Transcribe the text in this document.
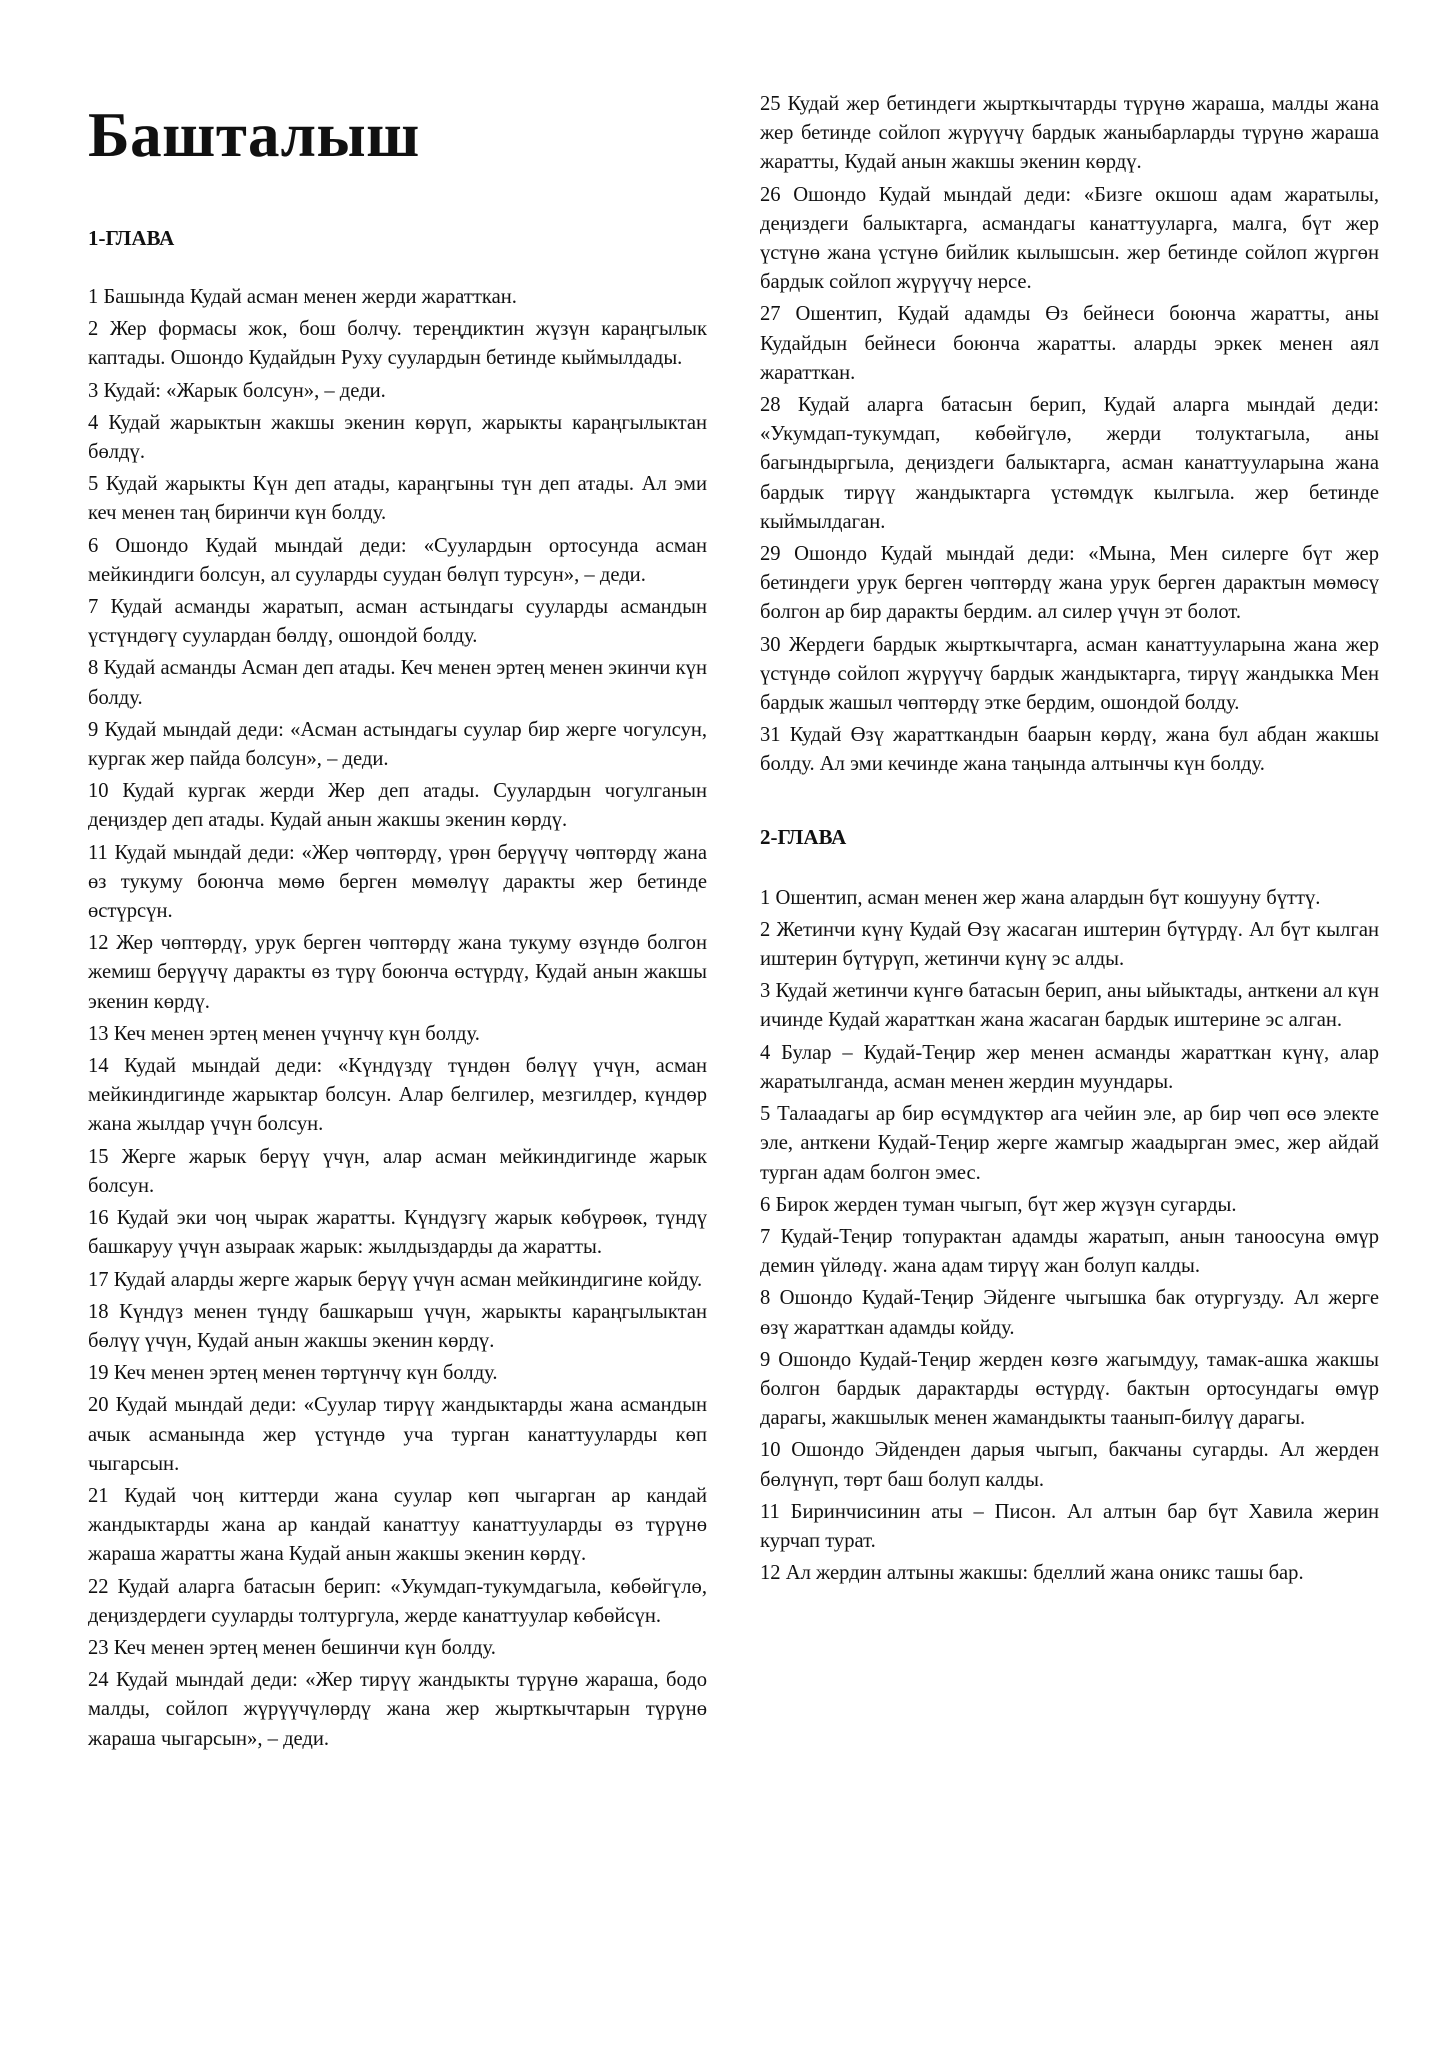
Башталыш
1-ГЛАВА

1 Башында Кудай асман менен жерди жаратткан.

2 Жер формасы жок, бош болчу. тереңдиктин жүзүн караңгылык каптады. Ошондо Кудайдын Руху суулардын бетинде кыймылдады.

3 Кудай: «Жарык болсун», – деди.

4 Кудай жарыктын жакшы экенин көрүп, жарыкты караңгылыктан бөлдү.

5 Кудай жарыкты Күн деп атады, караңгыны түн деп атады. Ал эми кеч менен таң биринчи күн болду.

6 Ошондо Кудай мындай деди: «Суулардын ортосунда асман мейкиндиги болсун, ал сууларды суудан бөлүп турсун», – деди.

7 Кудай асманды жаратып, асман астындагы сууларды асмандын үстүндөгү суулардан бөлдү, ошондой болду.

8 Кудай асманды Асман деп атады. Кеч менен эртең менен экинчи күн болду.

9 Кудай мындай деди: «Асман астындагы суулар бир жерге чогулсун, кургак жер пайда болсун», – деди.

10 Кудай кургак жерди Жер деп атады. Суулардын чогулганын деңиздер деп атады. Кудай анын жакшы экенин көрдү.

11 Кудай мындай деди: «Жер чөптөрдү, үрөн берүүчү чөптөрдү жана өз тукуму боюнча мөмө берген мөмөлүү даракты жер бетинде өстүрсүн.

12 Жер чөптөрдү, урук берген чөптөрдү жана тукуму өзүндө болгон жемиш берүүчү даракты өз түрү боюнча өстүрдү, Кудай анын жакшы экенин көрдү.

13 Кеч менен эртең менен үчүнчү күн болду.

14 Кудай мындай деди: «Күндүздү түндөн бөлүү үчүн, асман мейкиндигинде жарыктар болсун. Алар белгилер, мезгилдер, күндөр жана жылдар үчүн болсун.

15 Жерге жарык берүү үчүн, алар асман мейкиндигинде жарык болсун.

16 Кудай эки чоң чырак жаратты. Күндүзгү жарык көбүрөөк, түндү башкаруу үчүн азыраак жарык: жылдыздарды да жаратты.

17 Кудай аларды жерге жарык берүү үчүн асман мейкиндигине койду.

18 Күндүз менен түндү башкарыш үчүн, жарыкты караңгылыктан бөлүү үчүн, Кудай анын жакшы экенин көрдү.

19 Кеч менен эртең менен төртүнчү күн болду.

20 Кудай мындай деди: «Суулар тирүү жандыктарды жана асмандын ачык асманында жер үстүндө уча турган канаттууларды көп чыгарсын.

21 Кудай чоң киттерди жана суулар көп чыгарган ар кандай жандыктарды жана ар кандай канаттуу канаттууларды өз түрүнө жараша жаратты жана Кудай анын жакшы экенин көрдү.

22 Кудай аларга батасын берип: «Укумдап-тукумдагыла, көбөйгүлө, деңиздердеги сууларды толтургула, жерде канаттуулар көбөйсүн.

23 Кеч менен эртең менен бешинчи күн болду.

24 Кудай мындай деди: «Жер тирүү жандыкты түрүнө жараша, бодо малды, сойлоп жүрүүчүлөрдү жана жер жырткычтарын түрүнө жараша чыгарсын», – деди.

25 Кудай жер бетиндеги жырткычтарды түрүнө жараша, малды жана жер бетинде сойлоп жүрүүчү бардык жаныбарларды түрүнө жараша жаратты, Кудай анын жакшы экенин көрдү.

26 Ошондо Кудай мындай деди: «Бизге окшош адам жаратылы, деңиздеги балыктарга, асмандагы канаттууларга, малга, бүт жер үстүнө жана үстүнө бийлик кылышсын. жер бетинде сойлоп жүргөн бардык сойлоп жүрүүчү нерсе.

27 Ошентип, Кудай адамды Өз бейнеси боюнча жаратты, аны Кудайдын бейнеси боюнча жаратты. аларды эркек менен аял жаратткан.

28 Кудай аларга батасын берип, Кудай аларга мындай деди: «Укумдап-тукумдап, көбөйгүлө, жерди толуктагыла, аны багындыргыла, деңиздеги балыктарга, асман канаттууларына жана бардык тирүү жандыктарга үстөмдүк кылгыла. жер бетинде кыймылдаган.

29 Ошондо Кудай мындай деди: «Мына, Мен силерге бүт жер бетиндеги урук берген чөптөрдү жана урук берген дарактын мөмөсү болгон ар бир даракты бердим. ал силер үчүн эт болот.

30 Жердеги бардык жырткычтарга, асман канаттууларына жана жер үстүндө сойлоп жүрүүчү бардык жандыктарга, тирүү жандыкка Мен бардык жашыл чөптөрдү этке бердим, ошондой болду.

31 Кудай Өзү жаратткандын баарын көрдү, жана бул абдан жакшы болду. Ал эми кечинде жана таңында алтынчы күн болду.

2-ГЛАВА

1 Ошентип, асман менен жер жана алардын бүт кошууну бүттү.

2 Жетинчи күнү Кудай Өзү жасаган иштерин бүтүрдү. Ал бүт кылган иштерин бүтүрүп, жетинчи күнү эс алды.

3 Кудай жетинчи күнгө батасын берип, аны ыйыктады, анткени ал күн ичинде Кудай жаратткан жана жасаган бардык иштерине эс алган.

4 Булар – Кудай-Теңир жер менен асманды жаратткан күнү, алар жаратылганда, асман менен жердин муундары.

5 Талаадагы ар бир өсүмдүктөр ага чейин эле, ар бир чөп өсө электе эле, анткени Кудай-Теңир жерге жамгыр жаадырган эмес, жер айдай турган адам болгон эмес.

6 Бирок жерден туман чыгып, бүт жер жүзүн сугарды.

7 Кудай-Теңир топурактан адамды жаратып, анын таноосуна өмүр демин үйлөдү. жана адам тирүү жан болуп калды.

8 Ошондо Кудай-Теңир Эйденге чыгышка бак отургузду. Ал жерге өзү жаратткан адамды койду.

9 Ошондо Кудай-Теңир жерден көзгө жагымдуу, тамак-ашка жакшы болгон бардык дарактарды өстүрдү. бактын ортосундагы өмүр дарагы, жакшылык менен жамандыкты таанып-билүү дарагы.

10 Ошондо Эйденден дарыя чыгып, бакчаны сугарды. Ал жерден бөлүнүп, төрт баш болуп калды.

11 Биринчисинин аты – Писон. Ал алтын бар бүт Хавила жерин курчап турат.

12 Ал жердин алтыны жакшы: бделлий жана оникс ташы бар.
